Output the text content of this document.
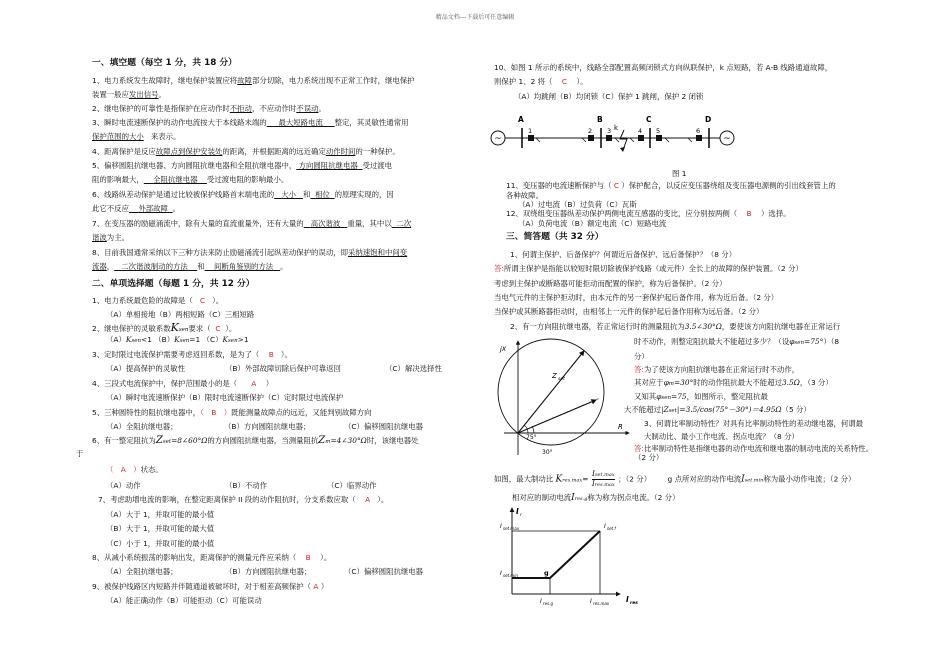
精品文档---下载后可任意编辑
一、填空题（每空 1 分，共 18 分）
1、电力系统发生故障时，继电保护装置应将故障部分切除，电力系统出现不正常工作时，继电保护
装置一般应发出信号。
2、继电保护的可靠性是指保护在应动作时不拒动，不应动作时不误动。
3、瞬时电流速断保护的动作电流按大于本线路末端的 最大短路电流 整定，其灵敏性通常用
保护范围的大小 来表示。
4、距离保护是反应故障点到保护安装处的距离，并根据距离的远近确定动作时间的一种保护。
5、偏移圆阻抗继电器、方向圆阻抗继电器和全阻抗继电器中， 方向圆阻抗继电器 受过渡电
阻的影响最大， 全阻抗继电器 受过渡电阻的影响最小。
6、线路纵差动保护是通过比较被保护线路首末端电流的 大小 和 相位 的原理实现的，因
此它不反应 外部故障 。
7、在变压器的励磁涌流中，除有大量的直流重量外，还有大量的 高次谐波 重量，其中以 二次
谐波为主。
8、目前我国通常采纳以下三种方法来防止励磁涌流引起纵差动保护的误动，即采纳速饱和中间变
流器， 二次谐波制动的方法 和 间断角鉴别的方法 。
二、单项选择题（每题 1 分，共 12 分）
1、电力系统最危险的故障是（ C ）。
（A）单相接地（B）两相短路（C）三相短路
2、继电保护的灵敏系数Ksen要求（ C ）。
（A）Ksen<1 （B）Ksen=1 （C）Ksen>1
3、定时限过电流保护需要考虑返回系数，是为了（ B ）。
（A）提高保护的灵敏性	（B）外部故障切除后保护可靠返回	（C）解决选择性
4、三段式电流保护中，保护范围最小的是（ A ）
（A）瞬时电流速断保护（B）限时电流速断保护（C）定时限过电流保护
5、三种圆特性的阻抗继电器中，（　B　）既能测量故障点的远近，又能判别故障方向
（A）全阻抗继电器；	（B）方向圆阻抗继电器；	（C）偏移圆阻抗继电器
6、有一整定阻抗为Zset=8∠60°Ω的方向圆阻抗继电器，当测量阻抗Zm=4∠30°Ω时，该继电器处
于
（　A　）状态。
（A）动作	（B）不动作	（C）临界动作
7、考虑助增电流的影响，在整定距离保护 II 段的动作阻抗时，分支系数应取（ A ）。
（A）大于 1，并取可能的最小值
（B）大于 1，并取可能的最大值
（C）小于 1，并取可能的最小值
8、从减小系统振荡的影响出发，距离保护的测量元件应采纳（ B ）。
（A）全阻抗继电器；	（B）方向圆阻抗继电器；	（C）偏移圆阻抗继电器
9、被保护线路区内短路并伴随通道被破坏时，对于相差高频保护（ A ）
（A）能正确动作（B）可能拒动（C）可能误动
10、如图 1 所示的系统中，线路全部配置高频闭锁式方向纵联保护，k 点短路，若 A-B 线路通道故障，
则保护 1、2 将（ C ）。
（A）均跳闸（B）均闭锁（C）保护 1 跳闸，保护 2 闭锁
~	~
k
A	B	C	D
1	2 3	4 5	6
图 1
11、变压器的电流速断保护与（ C ）保护配合，以反应变压器绕组及变压器电源侧的引出线套管上的
各种故障。
（A）过电流（B）过负荷（C）瓦斯
12、双绕组变压器纵差动保护两侧电流互感器的变比，应分别按两侧（ B ）选择。
（A）负荷电流（B）额定电流（C）短路电流
三、简答题（共 32 分）
1、何谓主保护、后备保护？何谓近后备保护、远后备保护？（8 分）
答:所谓主保护是指能以较短时限切除被保护线路（或元件）全长上的故障的保护装置。（2 分）
考虑到主保护或断路器可能拒动而配置的保护，称为后备保护。（2 分）
当电气元件的主保护拒动时，由本元件的另一套保护起后备作用，称为近后备。（2 分）
当保护或其断路器拒动时，由相邻上一元件的保护起后备作用称为远后备。（2 分）
2、有一方向阻抗继电器，若正常运行时的测量阻抗为3.5∠30°Ω，要使该方向阻抗继电器在正常运行
时不动作，则整定阻抗最大不能超过多少？（设φsen=75°）（8
分）
答:为了使该方向阻抗继电器在正常运行时不动作，
其对应于φm=30°时的动作阻抗最大不能超过3.5Ω，（3 分）
又知其φsen=75，如图所示，整定阻抗最
大不能超过|Zset|=3.5/cos(75°－30°)＝4.95Ω（5 分）
3、何谓比率制动特性？对具有比率制动特性的差动继电器，何谓最
大制动比、最小工作电流、拐点电流？（8 分）
答:比率制动特性是指继电器的动作电流和继电器的制动电流的关系特性。
（2 分）
jX
R
Z set
75°
30°
如图，最大制动比 Kres.max=
Iset.max
Ires.max
；（2 分） g 点所对应的动作电流Iset.min称为最小动作电流；（2 分）
相对应的制动电流Ires.g称为称为拐点电流。（2 分）
I r
I res
I set.max
I set.min	g
I res.g	I res.max
I set.f
